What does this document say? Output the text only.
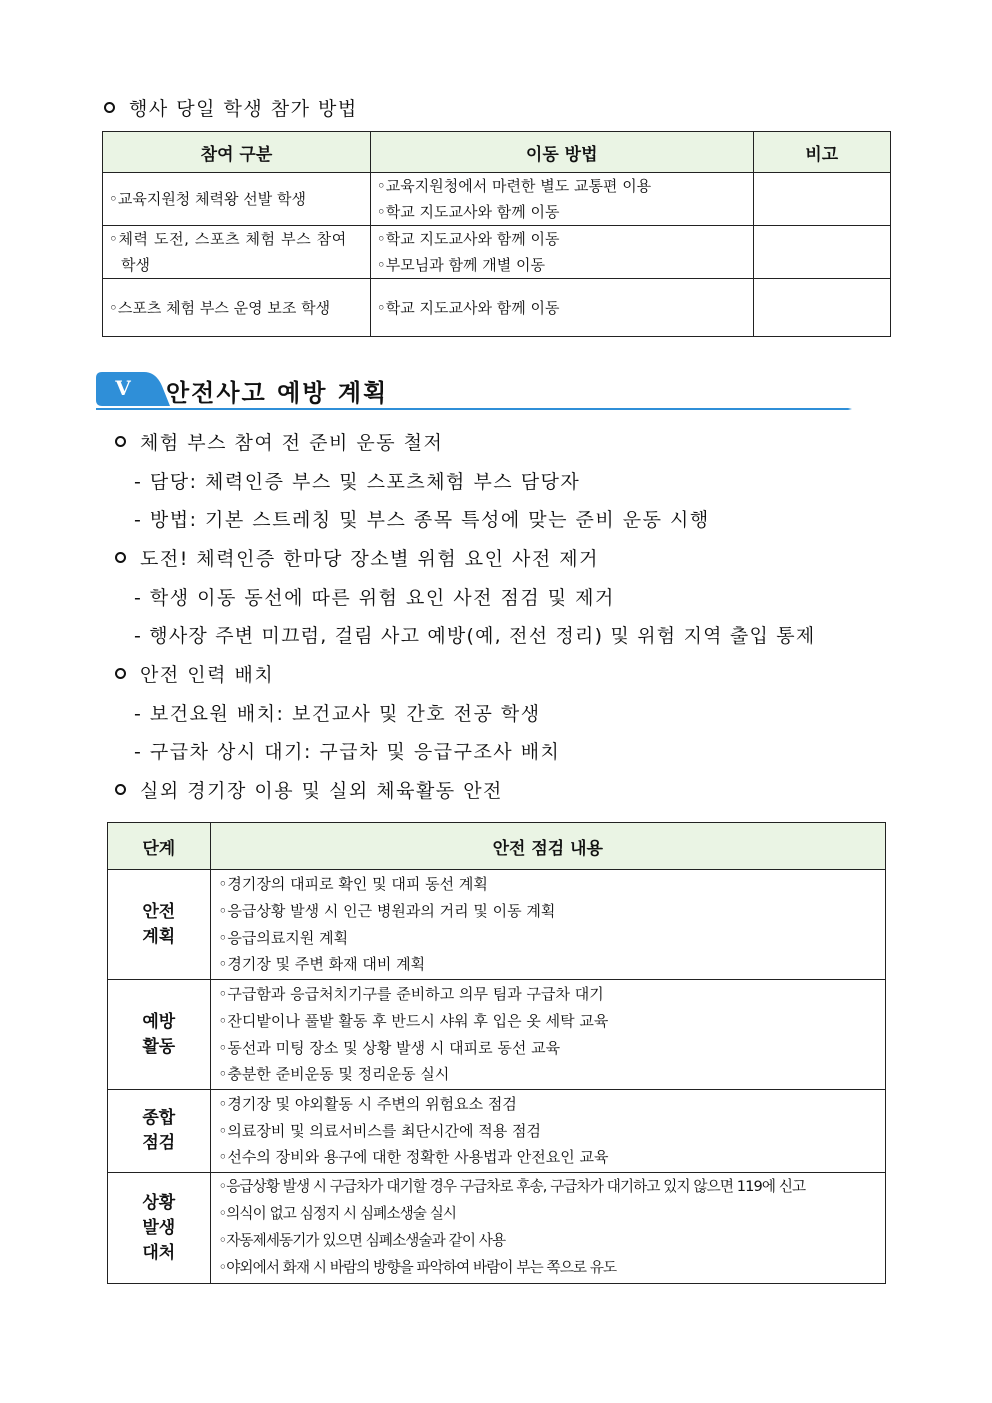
행사 당일 학생 참가 방법
참여 구분	이동 방법	비고
◦교육지원청 체력왕 선발 학생	◦교육지원청에서 마련한 별도 교통편 이용
◦학교 지도교사와 함께 이동	

◦체력 도전, 스포츠 체험 부스 참여
학생	◦학교 지도교사와 함께 이동
◦부모님과 함께 개별 이동	

◦스포츠 체험 부스 운영 보조 학생	◦학교 지도교사와 함께 이동	
Ⅴ	안전사고 예방 계획
체험 부스 참여 전 준비 운동 철저
- 담당: 체력인증 부스 및 스포츠체험 부스 담당자
- 방법: 기본 스트레칭 및 부스 종목 특성에 맞는 준비 운동 시행
도전! 체력인증 한마당 장소별 위험 요인 사전 제거
- 학생 이동 동선에 따른 위험 요인 사전 점검 및 제거
- 행사장 주변 미끄럼, 걸림 사고 예방(예, 전선 정리) 및 위험 지역 출입 통제
안전 인력 배치
- 보건요원 배치: 보건교사 및 간호 전공 학생
- 구급차 상시 대기: 구급차 및 응급구조사 배치
실외 경기장 이용 및 실외 체육활동 안전
단계	안전 점검 내용

안전
계획	◦경기장의 대피로 확인 및 대피 동선 계획
◦응급상황 발생 시 인근 병원과의 거리 및 이동 계획
◦응급의료지원 계획
◦경기장 및 주변 화재 대비 계획

예방
활동	◦구급함과 응급처치기구를 준비하고 의무 팀과 구급차 대기
◦잔디밭이나 풀밭 활동 후 반드시 샤워 후 입은 옷 세탁 교육
◦동선과 미팅 장소 및 상황 발생 시 대피로 동선 교육
◦충분한 준비운동 및 정리운동 실시

종합
점검	◦경기장 및 야외활동 시 주변의 위험요소 점검
◦의료장비 및 의료서비스를 최단시간에 적용 점검
◦선수의 장비와 용구에 대한 정확한 사용법과 안전요인 교육

상황
발생
대처	◦응급상황 발생 시 구급차가 대기할 경우 구급차로 후송, 구급차가 대기하고 있지 않으면 119에 신고
◦의식이 없고 심정지 시 심폐소생술 실시
◦자동제세동기가 있으면 심폐소생술과 같이 사용
◦야외에서 화재 시 바람의 방향을 파악하여 바람이 부는 쪽으로 유도
